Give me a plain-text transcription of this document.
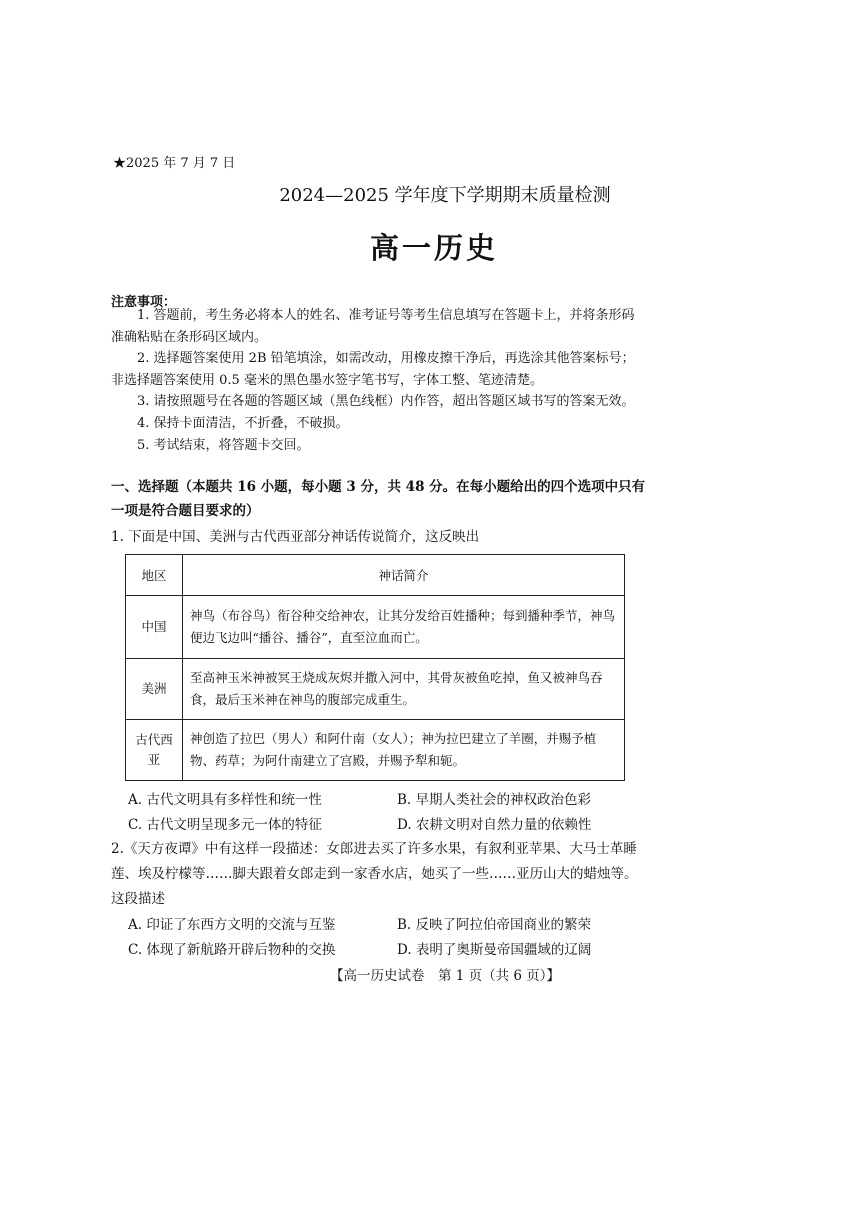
★2025 年 7 月 7 日
2024—2025 学年度下学期期末质量检测
高一历史
注意事项：
1. 答题前，考生务必将本人的姓名、准考证号等考生信息填写在答题卡上，并将条形码准确粘贴在条形码区域内。
2. 选择题答案使用 2B 铅笔填涂，如需改动，用橡皮擦干净后，再选涂其他答案标号；非选择题答案使用 0.5 毫米的黑色墨水签字笔书写，字体工整、笔迹清楚。
3. 请按照题号在各题的答题区域（黑色线框）内作答，超出答题区域书写的答案无效。
4. 保持卡面清洁，不折叠，不破损。
5. 考试结束，将答题卡交回。
一、选择题（本题共 16 小题，每小题 3 分，共 48 分。在每小题给出的四个选项中只有一项是符合题目要求的）
1. 下面是中国、美洲与古代西亚部分神话传说简介，这反映出
地区	神话简介
中国	神鸟（布谷鸟）衔谷种交给神农，让其分发给百姓播种；每到播种季节，神鸟便边飞边叫“播谷、播谷”，直至泣血而亡。
美洲	至高神玉米神被冥王烧成灰烬并撒入河中，其骨灰被鱼吃掉，鱼又被神鸟吞食，最后玉米神在神鸟的腹部完成重生。
古代西亚	神创造了拉巴（男人）和阿什南（女人）；神为拉巴建立了羊圈，并赐予植物、药草；为阿什南建立了宫殿，并赐予犁和轭。
A. 古代文明具有多样性和统一性	B. 早期人类社会的神权政治色彩
C. 古代文明呈现多元一体的特征	D. 农耕文明对自然力量的依赖性
2.《天方夜谭》中有这样一段描述：女郎进去买了许多水果，有叙利亚苹果、大马士革睡莲、埃及柠檬等……脚夫跟着女郎走到一家香水店，她买了一些……亚历山大的蜡烛等。这段描述
A. 印证了东西方文明的交流与互鉴	B. 反映了阿拉伯帝国商业的繁荣
C. 体现了新航路开辟后物种的交换	D. 表明了奥斯曼帝国疆域的辽阔
【高一历史试卷　第 1 页（共 6 页）】
